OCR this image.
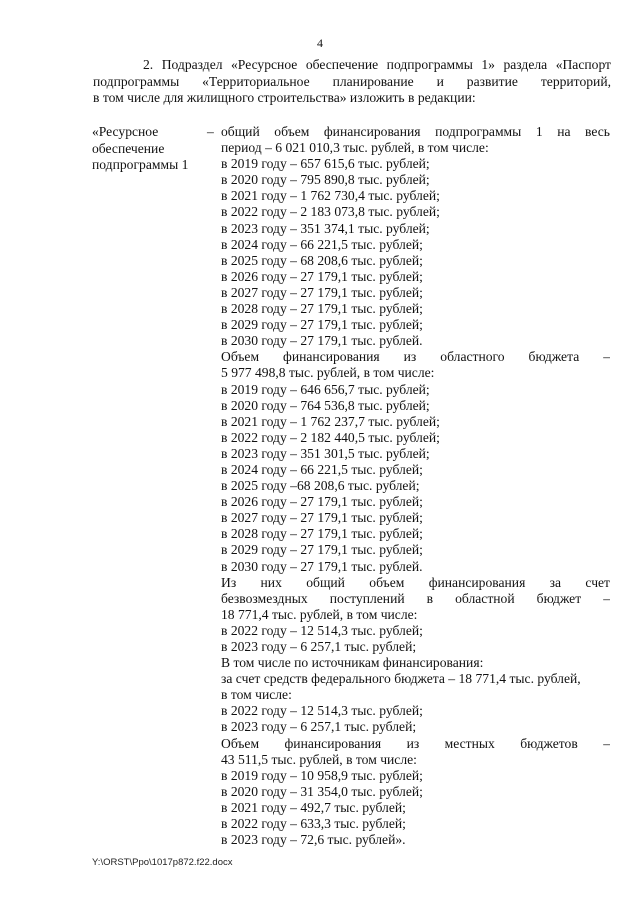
4

2. Подраздел «Ресурсное обеспечение подпрограммы 1» раздела «Паспорт

подпрограммы «Территориальное планирование и развитие территорий,

в том числе для жилищного строительства» изложить в редакции:

«Ресурсное
обеспечение
подпрограммы 1
– общий объем финансирования подпрограммы 1 на весь
период – 6 021 010,3 тыс. рублей, в том числе:
в 2019 году – 657 615,6 тыс. рублей;
в 2020 году – 795 890,8 тыс. рублей;
в 2021 году – 1 762 730,4 тыс. рублей;
в 2022 году – 2 183 073,8 тыс. рублей;
в 2023 году – 351 374,1 тыс. рублей;
в 2024 году – 66 221,5 тыс. рублей;
в 2025 году – 68 208,6 тыс. рублей;
в 2026 году – 27 179,1 тыс. рублей;
в 2027 году – 27 179,1 тыс. рублей;
в 2028 году – 27 179,1 тыс. рублей;
в 2029 году – 27 179,1 тыс. рублей;
в 2030 году – 27 179,1 тыс. рублей.
Объем финансирования из областного бюджета –
5 977 498,8 тыс. рублей, в том числе:
в 2019 году – 646 656,7 тыс. рублей;
в 2020 году – 764 536,8 тыс. рублей;
в 2021 году – 1 762 237,7 тыс. рублей;
в 2022 году – 2 182 440,5 тыс. рублей;
в 2023 году – 351 301,5 тыс. рублей;
в 2024 году – 66 221,5 тыс. рублей;
в 2025 году –68 208,6 тыс. рублей;
в 2026 году – 27 179,1 тыс. рублей;
в 2027 году – 27 179,1 тыс. рублей;
в 2028 году – 27 179,1 тыс. рублей;
в 2029 году – 27 179,1 тыс. рублей;
в 2030 году – 27 179,1 тыс. рублей.
Из них общий объем финансирования за счет
безвозмездных поступлений в областной бюджет –
18 771,4 тыс. рублей, в том числе:
в 2022 году – 12 514,3 тыс. рублей;
в 2023 году – 6 257,1 тыс. рублей;
В том числе по источникам финансирования:
за счет средств федерального бюджета – 18 771,4 тыс. рублей,
в том числе:
в 2022 году – 12 514,3 тыс. рублей;
в 2023 году – 6 257,1 тыс. рублей;
Объем финансирования из местных бюджетов –
43 511,5 тыс. рублей, в том числе:
в 2019 году – 10 958,9 тыс. рублей;
в 2020 году – 31 354,0 тыс. рублей;
в 2021 году – 492,7 тыс. рублей;
в 2022 году – 633,3 тыс. рублей;
в 2023 году – 72,6 тыс. рублей».
Y:\ORST\Ppo\1017p872.f22.docx
